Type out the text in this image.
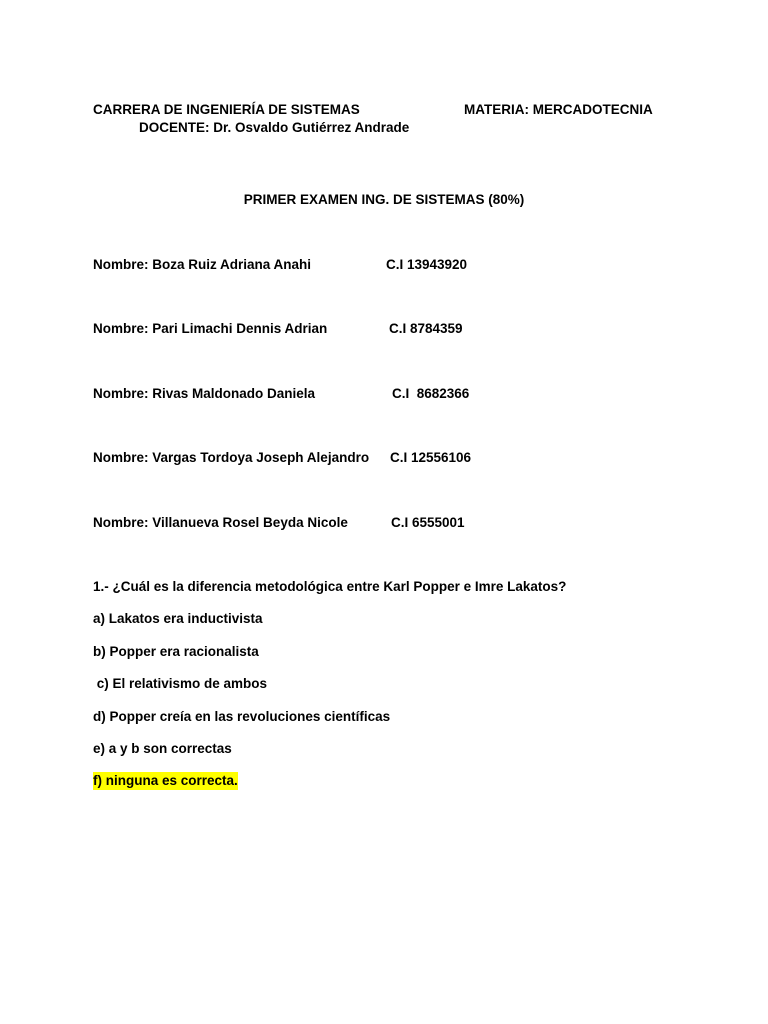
CARRERA DE INGENIERÍA DE SISTEMAS	MATERIA: MERCADOTECNIA
DOCENTE: Dr. Osvaldo Gutiérrez Andrade
PRIMER EXAMEN ING. DE SISTEMAS (80%)
Nombre: Boza Ruiz Adriana Anahi	C.I 13943920
Nombre: Pari Limachi Dennis Adrian	C.I 8784359
Nombre: Rivas Maldonado Daniela	C.I  8682366
Nombre: Vargas Tordoya Joseph Alejandro C.I 12556106
Nombre: Villanueva Rosel Beyda Nicole	C.I 6555001
1.- ¿Cuál es la diferencia metodológica entre Karl Popper e Imre Lakatos?
a) Lakatos era inductivista
b) Popper era racionalista
c) El relativismo de ambos
d) Popper creía en las revoluciones científicas
e) a y b son correctas
f) ninguna es correcta.
